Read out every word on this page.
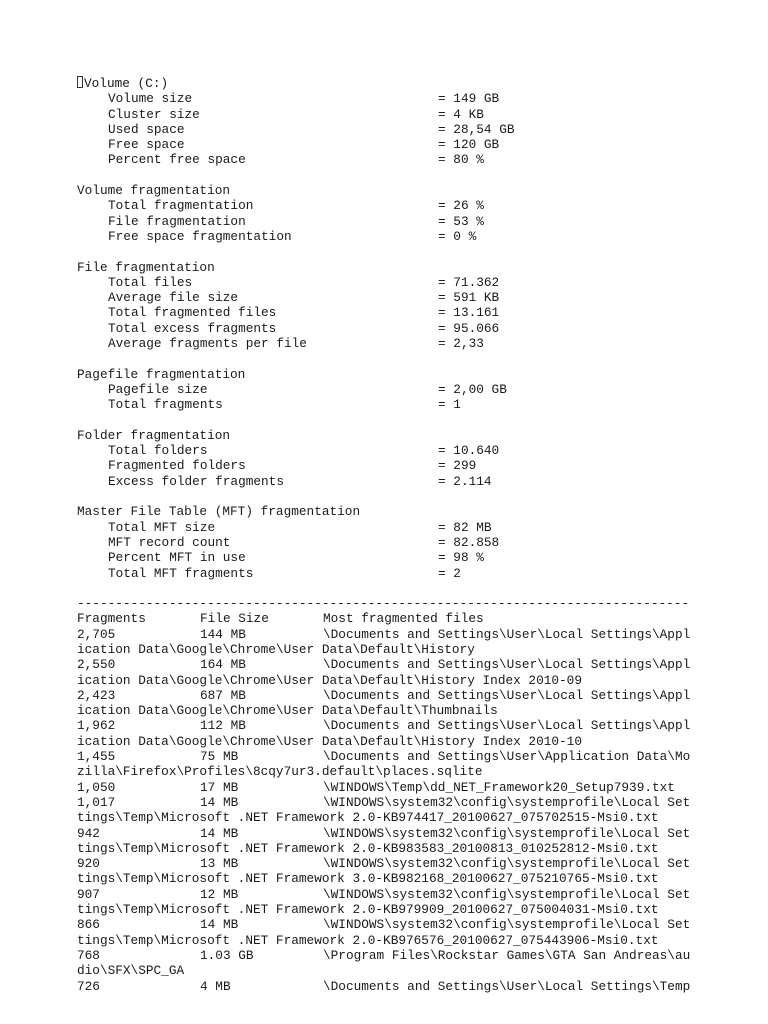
Volume (C:)
Volume size	= 149 GB
Cluster size	= 4 KB
Used space	= 28,54 GB
Free space	= 120 GB
Percent free space	= 80 %
Volume fragmentation
Total fragmentation	= 26 %
File fragmentation	= 53 %
Free space fragmentation	= 0 %
File fragmentation
Total files	= 71.362
Average file size	= 591 KB
Total fragmented files	= 13.161
Total excess fragments	= 95.066
Average fragments per file	= 2,33
Pagefile fragmentation
Pagefile size	= 2,00 GB
Total fragments	= 1
Folder fragmentation
Total folders	= 10.640
Fragmented folders	= 299
Excess folder fragments	= 2.114
Master File Table (MFT) fragmentation
Total MFT size	= 82 MB
MFT record count	= 82.858
Percent MFT in use	= 98 %
Total MFT fragments	= 2
--------------------------------------------------------------------------------
Fragments	File Size	Most fragmented files
2,705	144 MB	\Documents and Settings\User\Local Settings\Appl
ication Data\Google\Chrome\User Data\Default\History
2,550	164 MB	\Documents and Settings\User\Local Settings\Appl
ication Data\Google\Chrome\User Data\Default\History Index 2010-09
2,423	687 MB	\Documents and Settings\User\Local Settings\Appl
ication Data\Google\Chrome\User Data\Default\Thumbnails
1,962	112 MB	\Documents and Settings\User\Local Settings\Appl
ication Data\Google\Chrome\User Data\Default\History Index 2010-10
1,455	75 MB	\Documents and Settings\User\Application Data\Mo
zilla\Firefox\Profiles\8cqy7ur3.default\places.sqlite
1,050	17 MB	\WINDOWS\Temp\dd_NET_Framework20_Setup7939.txt
1,017	14 MB	\WINDOWS\system32\config\systemprofile\Local Set
tings\Temp\Microsoft .NET Framework 2.0-KB974417_20100627_075702515-Msi0.txt
942	14 MB	\WINDOWS\system32\config\systemprofile\Local Set
tings\Temp\Microsoft .NET Framework 2.0-KB983583_20100813_010252812-Msi0.txt
920	13 MB	\WINDOWS\system32\config\systemprofile\Local Set
tings\Temp\Microsoft .NET Framework 3.0-KB982168_20100627_075210765-Msi0.txt
907	12 MB	\WINDOWS\system32\config\systemprofile\Local Set
tings\Temp\Microsoft .NET Framework 2.0-KB979909_20100627_075004031-Msi0.txt
866	14 MB	\WINDOWS\system32\config\systemprofile\Local Set
tings\Temp\Microsoft .NET Framework 2.0-KB976576_20100627_075443906-Msi0.txt
768	1.03 GB	\Program Files\Rockstar Games\GTA San Andreas\au
dio\SFX\SPC_GA
726	4 MB	\Documents and Settings\User\Local Settings\Temp
